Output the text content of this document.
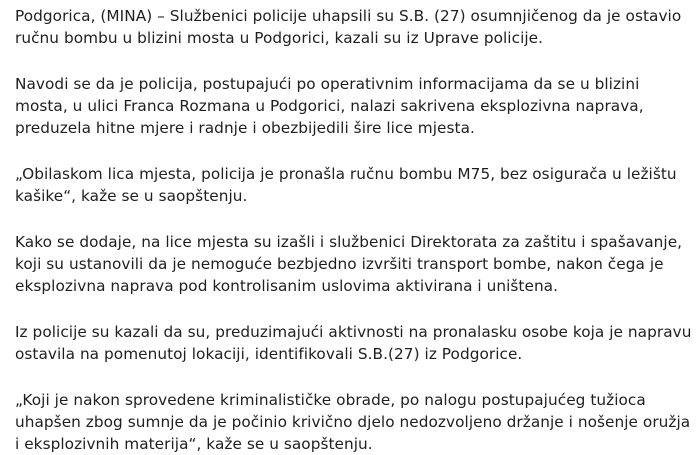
Podgorica, (MINA) – Službenici policije uhapsili su S.B. (27) osumnjičenog da je ostavio ručnu bombu u blizini mosta u Podgorici, kazali su iz Uprave policije.

Navodi se da je policija, postupajući po operativnim informacijama da se u blizini mosta, u ulici Franca Rozmana u Podgorici, nalazi sakrivena eksplozivna naprava, preduzela hitne mjere i radnje i obezbijedili šire lice mjesta.

„Obilaskom lica mjesta, policija je pronašla ručnu bombu M75, bez osigurača u ležištu kašike“, kaže se u saopštenju.

Kako se dodaje, na lice mjesta su izašli i službenici Direktorata za zaštitu i spašavanje, koji su ustanovili da je nemoguće bezbjedno izvršiti transport bombe, nakon čega je eksplozivna naprava pod kontrolisanim uslovima aktivirana i uništena.

Iz policije su kazali da su, preduzimajući aktivnosti na pronalasku osobe koja je napravu ostavila na pomenutoj lokaciji, identifikovali S.B.(27) iz Podgorice.

„Koji je nakon sprovedene kriminalističke obrade, po nalogu postupajućeg tužioca uhapšen zbog sumnje da je počinio krivično djelo nedozvoljeno držanje i nošenje oružja i eksplozivnih materija“, kaže se u saopštenju.
